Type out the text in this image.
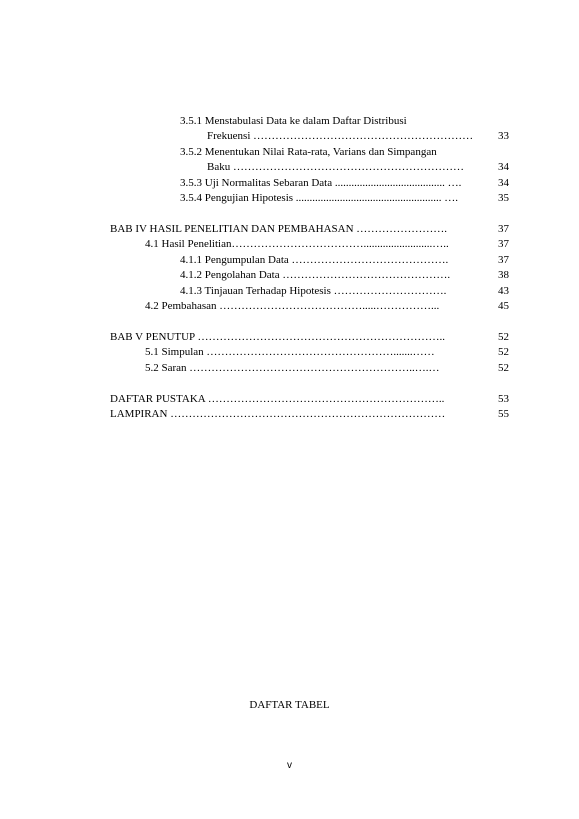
3.5.1 Menstabulasi Data ke dalam Daftar Distribusi
Frekuensi …………………………………………………… 33
3.5.2 Menentukan Nilai Rata-rata, Varians dan Simpangan
Baku ………………………………………………………	34
3.5.3 Uji Normalitas Sebaran Data ........................................ ….	34
3.5.4 Pengujian Hipotesis ..................................................... ….	35
BAB IV HASIL PENELITIAN DAN PEMBAHASAN …………………….	37
4.1 Hasil Penelitian……………………………….........................…..	37
4.1.1 Pengumpulan Data …………………………………….	37
4.1.2 Pengolahan Data ……………………………………….	38
4.1.3 Tinjauan Terhadap Hipotesis ………………………….	43
4.2 Pembahasan ………………………………….....……………...	45
BAB V PENUTUP …………………………………………………………..	52
5.1 Simpulan …………………………………………….......……	52
5.2 Saran ……………………………………………………..….…	52
DAFTAR PUSTAKA ………………………………………………………..	53
LAMPIRAN …………………………………………………………………	55
DAFTAR TABEL
v
